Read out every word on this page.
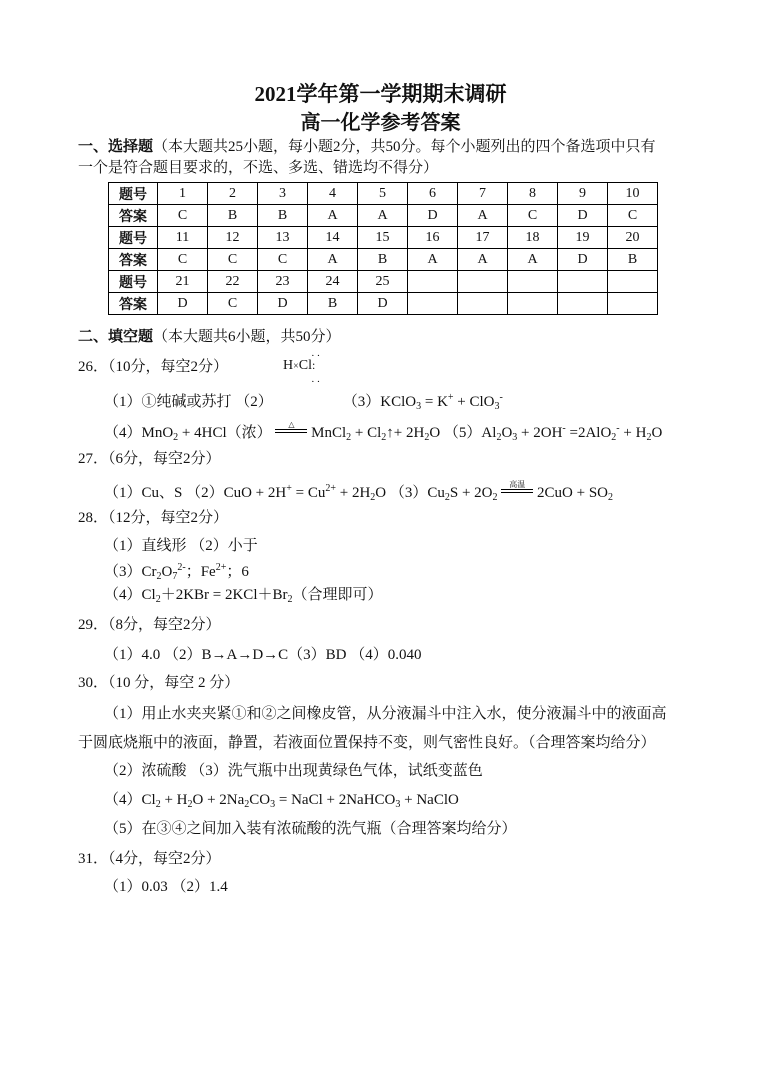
2021学年第一学期期末调研
高一化学参考答案
一、选择题（本大题共25小题，每小题2分，共50分。每个小题列出的四个备选项中只有
一个是符合题目要求的，不选、多选、错选均不得分）
题号	1	2	3	4	5	6	7	8	9	10
答案	C	B	B	A	A	D	A	C	D	C
题号	11	12	13	14	15	16	17	18	19	20
答案	C	C	C	A	B	A	A	A	D	B
题号	21	22	23	24	25					
答案	D	C	D	B	D					
二、填空题（本大题共6小题，共50分）
26．（10分，每空2分）	H×Cl:
··
··
（1）①纯碱或苏打 （2）	（3）KClO$_3$ = K+ + ClO$_3$-
（4）MnO$_2$ + 4HCl（浓）
△
MnCl$_2$ + $Cl_2↑+ 2H_2O$ $(5)Al_2O_3 + 2OH^- =2AlO_2^- + H_2O$
27．（6分，每空2分）
（1）Cu、S $(2)CuO + 2H^+ = Cu^{2+} + 2H_2O$ $(3)Cu_2S + 2O_2$
高温
$2CuO + SO_2$
28．（12分，每空2分）
（1）直线形 （2）小于
$(3)Cr_2O_7^{2-}$；$Fe^{2+}$；6
$(4)Cl_2+2KBr = 2KCl+Br_2$（合理即可）
29．（8分，每空2分）
（1）4.0 （2）B→A→D→C（3）BD （4）0.040
30．（10 分，每空 2 分）
（1）用止水夹夹紧①和②之间橡皮管，从分液漏斗中注入水，使分液漏斗中的液面高
于圆底烧瓶中的液面，静置，若液面位置保持不变，则气密性良好。（合理答案均给分）
（2）浓硫酸 （3）洗气瓶中出现黄绿色气体，试纸变蓝色
$(4)Cl_2 + H_2O + 2Na_2CO_3$ = NaCl + 2NaHCO$_3$ + NaClO
（5）在③④之间加入装有浓硫酸的洗气瓶（合理答案均给分）
31．（4分，每空2分）
（1）0.03 （2）1.4
